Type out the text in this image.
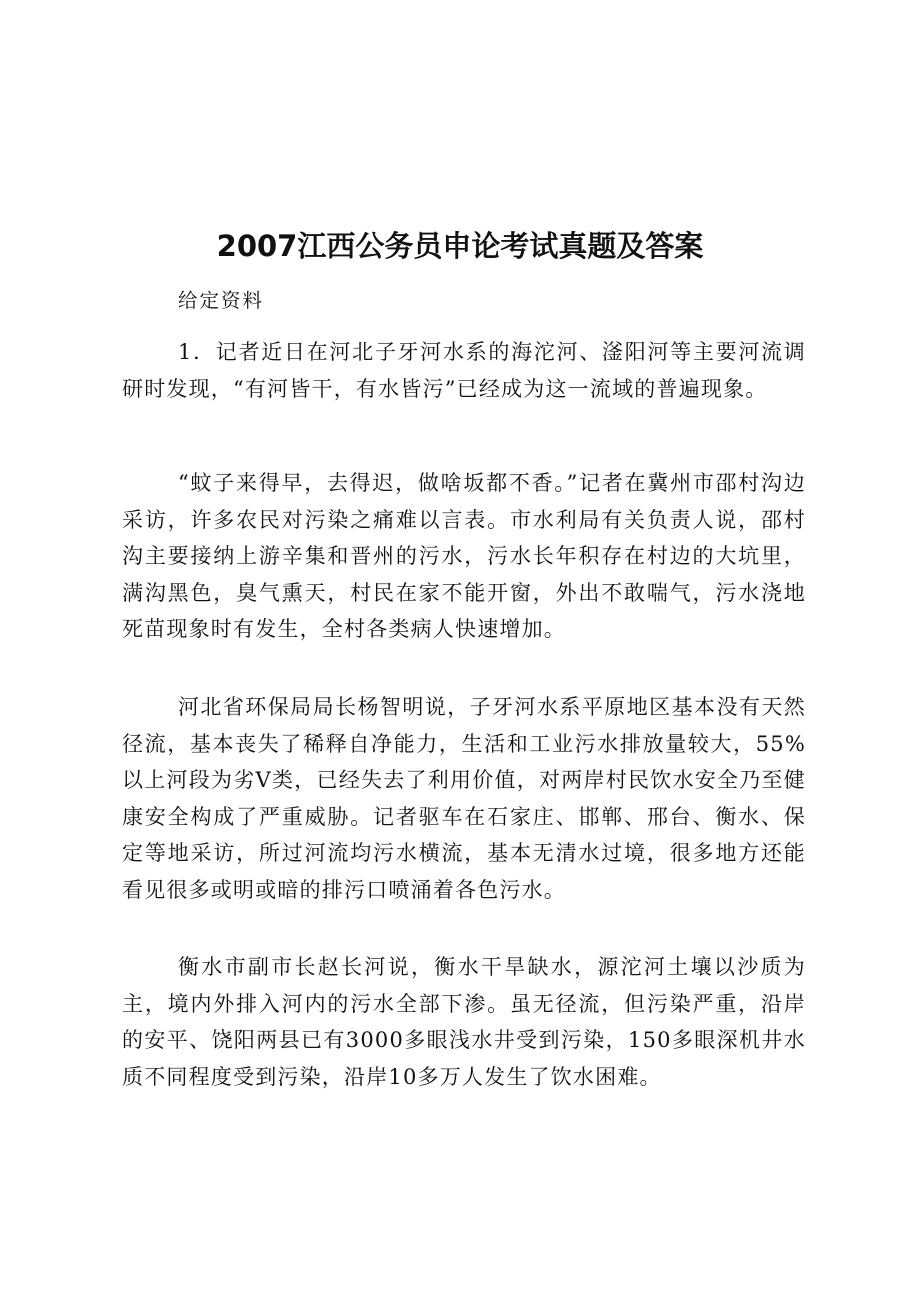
2007江西公务员申论考试真题及答案

给定资料

1．记者近日在河北子牙河水系的海沱河、滏阳河等主要河流调研时发现，“有河皆干，有水皆污”已经成为这一流域的普遍现象。

“蚊子来得早，去得迟，做啥坂都不香。”记者在冀州市邵村沟边采访，许多农民对污染之痛难以言表。市水利局有关负责人说，邵村沟主要接纳上游辛集和晋州的污水，污水长年积存在村边的大坑里，满沟黑色，臭气熏天，村民在家不能开窗，外出不敢喘气，污水浇地死苗现象时有发生，全村各类病人快速增加。

河北省环保局局长杨智明说，子牙河水系平原地区基本没有天然径流，基本丧失了稀释自净能力，生活和工业污水排放量较大，55%以上河段为劣V类，已经失去了利用价值，对两岸村民饮水安全乃至健康安全构成了严重威胁。记者驱车在石家庄、邯郸、邢台、衡水、保定等地采访，所过河流均污水横流，基本无清水过境，很多地方还能看见很多或明或暗的排污口喷涌着各色污水。

衡水市副市长赵长河说，衡水干旱缺水，源沱河土壤以沙质为主，境内外排入河内的污水全部下渗。虽无径流，但污染严重，沿岸的安平、饶阳两县已有3000多眼浅水井受到污染，150多眼深机井水质不同程度受到污染，沿岸10多万人发生了饮水困难。
